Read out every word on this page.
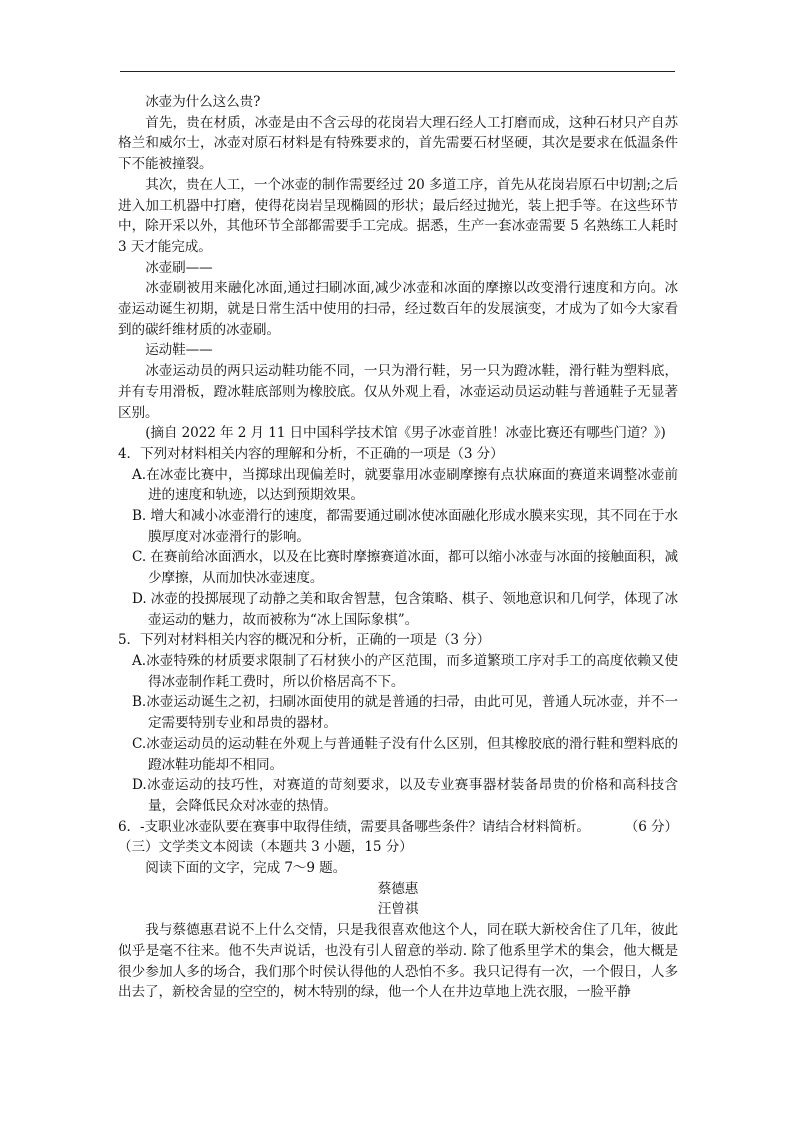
冰壶为什么这么贵?

首先，贵在材质，冰壶是由不含云母的花岗岩大理石经人工打磨而成，这种石材只产自苏格兰和威尔士，冰壶对原石材料是有特殊要求的，首先需要石材坚硬，其次是要求在低温条件下不能被撞裂。

其次，贵在人工，一个冰壶的制作需要经过 20 多道工序，首先从花岗岩原石中切割;之后进入加工机器中打磨，使得花岗岩呈现椭圆的形状；最后经过抛光，装上把手等。在这些环节中，除开采以外，其他环节全部都需要手工完成。据悉，生产一套冰壶需要 5 名熟练工人耗时 3 天才能完成。

冰壶刷——

冰壶刷被用来融化冰面,通过扫刷冰面,减少冰壶和冰面的摩擦以改变滑行速度和方向。冰壶运动诞生初期，就是日常生活中使用的扫帚，经过数百年的发展演变，才成为了如今大家看到的碳纤维材质的冰壶刷。

运动鞋——

冰壶运动员的两只运动鞋功能不同，一只为滑行鞋，另一只为蹬冰鞋，滑行鞋为塑料底，并有专用滑板，蹬冰鞋底部则为橡胶底。仅从外观上看，冰壶运动员运动鞋与普通鞋子无显著区别。

(摘自 2022 年 2 月 11 日中国科学技术馆《男子冰壶首胜！冰壶比赛还有哪些门道？》)

4．下列对材料相关内容的理解和分析，不正确的一项是（3 分）

A.在冰壶比赛中，当掷球出现偏差时，就要靠用冰壶刷摩擦有点状麻面的赛道来调整冰壶前进的速度和轨迹，以达到预期效果。

B. 增大和减小冰壶滑行的速度，都需要通过刷冰使冰面融化形成水膜来实现，其不同在于水膜厚度对冰壶滑行的影响。

C. 在赛前给冰面洒水，以及在比赛时摩擦赛道冰面，都可以缩小冰壶与冰面的接触面积，减少摩擦，从而加快冰壶速度。

D. 冰壶的投掷展现了动静之美和取舍智慧，包含策略、棋子、领地意识和几何学，体现了冰壶运动的魅力，故而被称为“冰上国际象棋”。

5．下列对材料相关内容的概况和分析，正确的一项是（3 分）

A.冰壶特殊的材质要求限制了石材狭小的产区范围，而多道繁琐工序对手工的高度依赖又使得冰壶制作耗工费时，所以价格居高不下。

B.冰壶运动诞生之初，扫刷冰面使用的就是普通的扫帚，由此可见，普通人玩冰壶，并不一定需要特别专业和昂贵的器材。

C.冰壶运动员的运动鞋在外观上与普通鞋子没有什么区别，但其橡胶底的滑行鞋和塑料底的蹬冰鞋功能却不相同。

D.冰壶运动的技巧性，对赛道的苛刻要求，以及专业赛事器材装备昂贵的价格和高科技含量，会降低民众对冰壶的热情。

6．-支职业冰壶队要在赛事中取得佳绩，需要具备哪些条件？请结合材料简析。	（6 分）

（三）文学类文本阅读（本题共 3 小题，15 分）

阅读下面的文字，完成 7～9 题。

蔡德惠

汪曾祺

我与蔡德惠君说不上什么交情，只是我很喜欢他这个人，同在联大新校舍住了几年，彼此似乎是毫不往来。他不失声说话，也没有引人留意的举动. 除了他系里学术的集会，他大概是很少参加人多的场合，我们那个时侯认得他的人恐怕不多。我只记得有一次，一个假日，人多出去了，新校舍显的空空的，树木特别的绿，他一个人在井边草地上洗衣服，一脸平静
